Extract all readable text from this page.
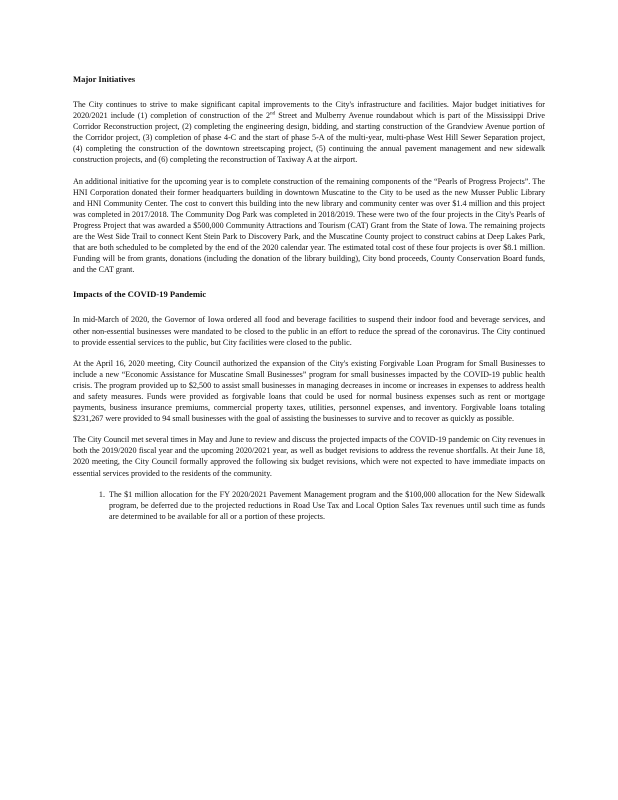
Major Initiatives

The City continues to strive to make significant capital improvements to the City's infrastructure and facilities. Major budget initiatives for 2020/2021 include (1) completion of construction of the 2nd Street and Mulberry Avenue roundabout which is part of the Mississippi Drive Corridor Reconstruction project, (2) completing the engineering design, bidding, and starting construction of the Grandview Avenue portion of the Corridor project, (3) completion of phase 4-C and the start of phase 5-A of the multi-year, multi-phase West Hill Sewer Separation project, (4) completing the construction of the downtown streetscaping project, (5) continuing the annual pavement management and new sidewalk construction projects, and (6) completing the reconstruction of Taxiway A at the airport.

An additional initiative for the upcoming year is to complete construction of the remaining components of the “Pearls of Progress Projects”. The HNI Corporation donated their former headquarters building in downtown Muscatine to the City to be used as the new Musser Public Library and HNI Community Center. The cost to convert this building into the new library and community center was over $1.4 million and this project was completed in 2017/2018. The Community Dog Park was completed in 2018/2019. These were two of the four projects in the City's Pearls of Progress Project that was awarded a $500,000 Community Attractions and Tourism (CAT) Grant from the State of Iowa. The remaining projects are the West Side Trail to connect Kent Stein Park to Discovery Park, and the Muscatine County project to construct cabins at Deep Lakes Park, that are both scheduled to be completed by the end of the 2020 calendar year. The estimated total cost of these four projects is over $8.1 million. Funding will be from grants, donations (including the donation of the library building), City bond proceeds, County Conservation Board funds, and the CAT grant.

Impacts of the COVID-19 Pandemic

In mid-March of 2020, the Governor of Iowa ordered all food and beverage facilities to suspend their indoor food and beverage services, and other non-essential businesses were mandated to be closed to the public in an effort to reduce the spread of the coronavirus. The City continued to provide essential services to the public, but City facilities were closed to the public.

At the April 16, 2020 meeting, City Council authorized the expansion of the City's existing Forgivable Loan Program for Small Businesses to include a new “Economic Assistance for Muscatine Small Businesses” program for small businesses impacted by the COVID-19 public health crisis. The program provided up to $2,500 to assist small businesses in managing decreases in income or increases in expenses to address health and safety measures. Funds were provided as forgivable loans that could be used for normal business expenses such as rent or mortgage payments, business insurance premiums, commercial property taxes, utilities, personnel expenses, and inventory. Forgivable loans totaling $231,267 were provided to 94 small businesses with the goal of assisting the businesses to survive and to recover as quickly as possible.

The City Council met several times in May and June to review and discuss the projected impacts of the COVID-19 pandemic on City revenues in both the 2019/2020 fiscal year and the upcoming 2020/2021 year, as well as budget revisions to address the revenue shortfalls. At their June 18, 2020 meeting, the City Council formally approved the following six budget revisions, which were not expected to have immediate impacts on essential services provided to the residents of the community.

1. The $1 million allocation for the FY 2020/2021 Pavement Management program and the $100,000 allocation for the New Sidewalk program, be deferred due to the projected reductions in Road Use Tax and Local Option Sales Tax revenues until such time as funds are determined to be available for all or a portion of these projects.
